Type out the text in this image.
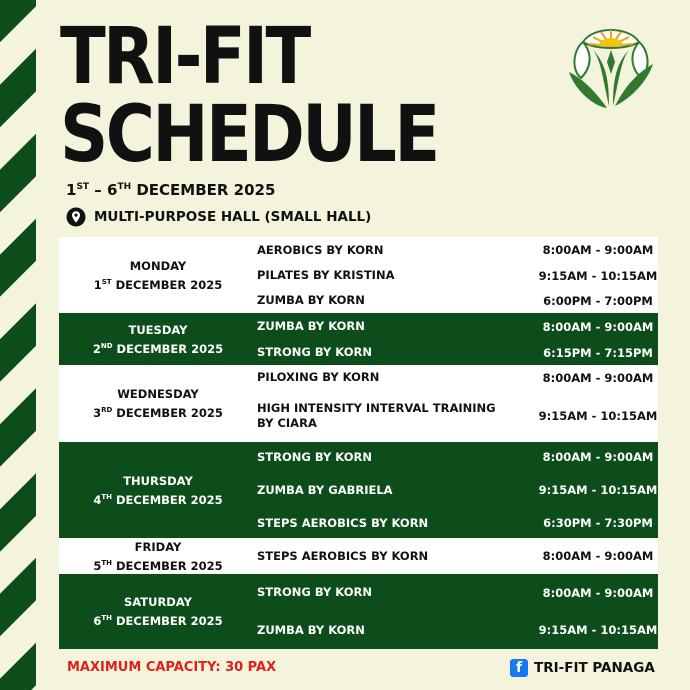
TRI-FIT
SCHEDULE
1ST – 6TH DECEMBER 2025
MULTI-PURPOSE HALL (SMALL HALL)
MONDAY
1ST DECEMBER 2025	AEROBICS BY KORN	8:00AM - 9:00AM
	PILATES BY KRISTINA	9:15AM - 10:15AM
	ZUMBA BY KORN	6:00PM - 7:00PM

TUESDAY
2ND DECEMBER 2025	ZUMBA BY KORN	8:00AM - 9:00AM
	STRONG BY KORN	6:15PM - 7:15PM

WEDNESDAY
3RD DECEMBER 2025	PILOXING BY KORN	8:00AM - 9:00AM
	HIGH INTENSITY INTERVAL TRAINING BY CIARA	9:15AM - 10:15AM

THURSDAY
4TH DECEMBER 2025	STRONG BY KORN	8:00AM - 9:00AM
	ZUMBA BY GABRIELA	9:15AM - 10:15AM
	STEPS AEROBICS BY KORN	6:30PM - 7:30PM

FRIDAY
5TH DECEMBER 2025	STEPS AEROBICS BY KORN	8:00AM - 9:00AM

SATURDAY
6TH DECEMBER 2025	STRONG BY KORN	8:00AM - 9:00AM
	ZUMBA BY KORN	9:15AM - 10:15AM
MAXIMUM CAPACITY: 30 PAX	f TRI-FIT PANAGA
